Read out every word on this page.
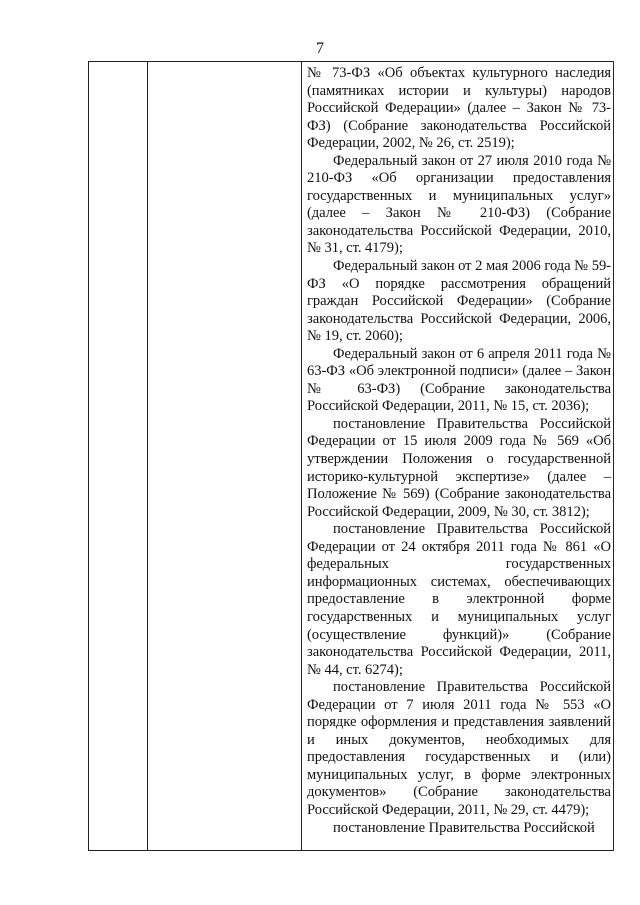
7

№ 73-ФЗ «Об объектах культурного наследия (памятниках истории и культуры) народов Российской Федерации» (далее – Закон № 73-ФЗ) (Собрание законодательства Российской Федерации, 2002, № 26, ст. 2519);

Федеральный закон от 27 июля 2010 года № 210-ФЗ «Об организации предоставления государственных и муниципальных услуг» (далее – Закон № 210-ФЗ) (Собрание законодательства Российской Федерации, 2010, № 31, ст. 4179);

Федеральный закон от 2 мая 2006 года № 59-ФЗ «О порядке рассмотрения обращений граждан Российской Федерации» (Собрание законодательства Российской Федерации, 2006, № 19, ст. 2060);

Федеральный закон от 6 апреля 2011 года № 63-ФЗ «Об электронной подписи» (далее – Закон № 63-ФЗ) (Собрание законодательства Российской Федерации, 2011, № 15, ст. 2036);

постановление Правительства Российской Федерации от 15 июля 2009 года № 569 «Об утверждении Положения о государственной историко-культурной экспертизе» (далее – Положение № 569) (Собрание законодательства Российской Федерации, 2009, № 30, ст. 3812);

постановление Правительства Российской Федерации от 24 октября 2011 года № 861 «О федеральных государственных информационных системах, обеспечивающих предоставление в электронной форме государственных и муниципальных услуг (осуществление функций)» (Собрание законодательства Российской Федерации, 2011, № 44, ст. 6274);

постановление Правительства Российской Федерации от 7 июля 2011 года № 553 «О порядке оформления и представления заявлений и иных документов, необходимых для предоставления государственных и (или) муниципальных услуг, в форме электронных документов» (Собрание законодательства Российской Федерации, 2011, № 29, ст. 4479);

постановление Правительства Российской
